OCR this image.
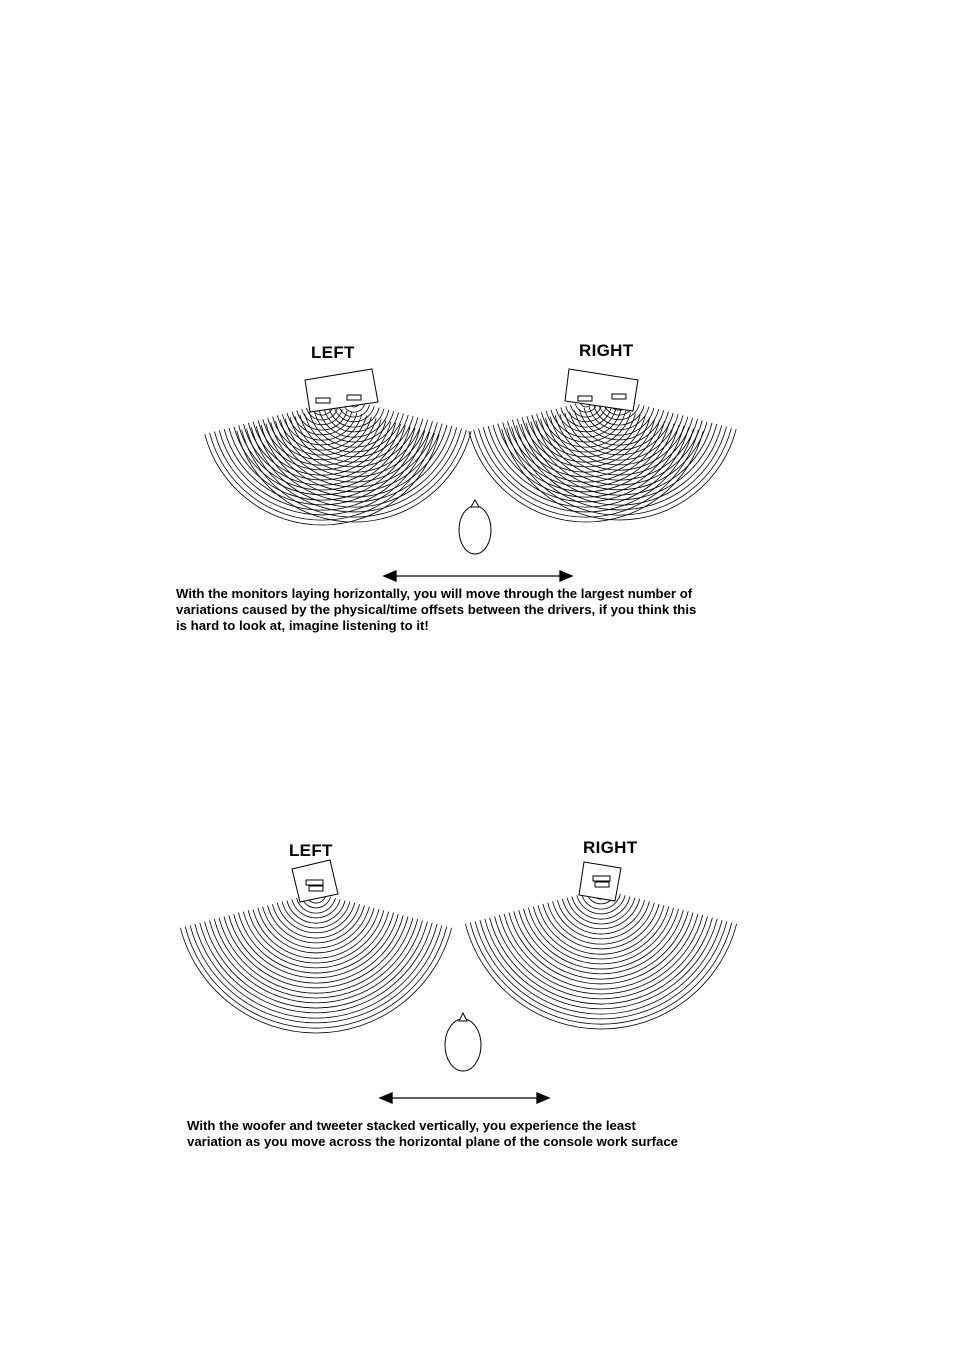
LEFT	RIGHT
With the monitors laying horizontally, you will move through the largest number of
variations caused by the physical/time offsets between the drivers, if you think this
is hard to look at, imagine listening to it!
LEFT	RIGHT
With the woofer and tweeter stacked vertically, you experience the least
variation as you move across the horizontal plane of the console work surface
